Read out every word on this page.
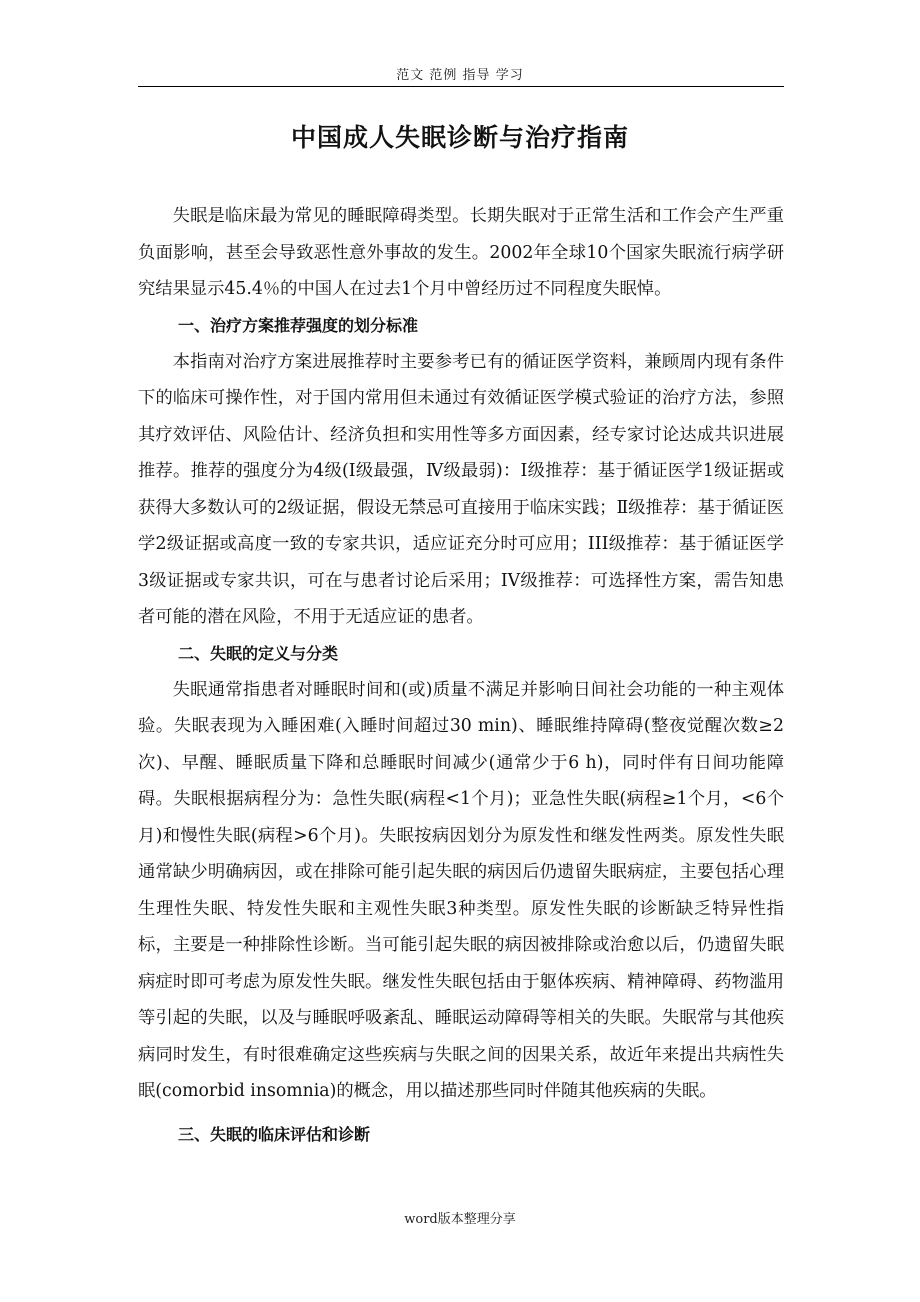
范文 范例 指导 学习
中国成人失眠诊断与治疗指南

失眠是临床最为常见的睡眠障碍类型。长期失眠对于正常生活和工作会产生严重负面影响，甚至会导致恶性意外事故的发生。2002年全球10个国家失眠流行病学研究结果显示45.4％的中国人在过去1个月中曾经历过不同程度失眠悼。

一、治疗方案推荐强度的划分标准

本指南对治疗方案进展推荐时主要参考已有的循证医学资料，兼顾周内现有条件下的临床可操作性，对于国内常用但未通过有效循证医学模式验证的治疗方法，参照其疗效评估、风险估计、经济负担和实用性等多方面因素，经专家讨论达成共识进展推荐。推荐的强度分为4级(I级最强，Ⅳ级最弱)：I级推荐：基于循证医学1级证据或获得大多数认可的2级证据，假设无禁忌可直接用于临床实践；Ⅱ级推荐：基于循证医学2级证据或高度一致的专家共识，适应证充分时可应用；III级推荐：基于循证医学3级证据或专家共识，可在与患者讨论后采用；IV级推荐：可选择性方案，需告知患者可能的潜在风险，不用于无适应证的患者。

二、失眠的定义与分类

失眠通常指患者对睡眠时间和(或)质量不满足并影响日间社会功能的一种主观体验。失眠表现为入睡困难(入睡时间超过30 min)、睡眠维持障碍(整夜觉醒次数≥2次)、早醒、睡眠质量下降和总睡眠时间减少(通常少于6 h)，同时伴有日间功能障碍。失眠根据病程分为：急性失眠(病程<1个月)；亚急性失眠(病程≥1个月，<6个月)和慢性失眠(病程>6个月)。失眠按病因划分为原发性和继发性两类。原发性失眠通常缺少明确病因，或在排除可能引起失眠的病因后仍遗留失眠病症，主要包括心理生理性失眠、特发性失眠和主观性失眠3种类型。原发性失眠的诊断缺乏特异性指标，主要是一种排除性诊断。当可能引起失眠的病因被排除或治愈以后，仍遗留失眠病症时即可考虑为原发性失眠。继发性失眠包括由于躯体疾病、精神障碍、药物滥用等引起的失眠，以及与睡眠呼吸紊乱、睡眠运动障碍等相关的失眠。失眠常与其他疾病同时发生，有时很难确定这些疾病与失眠之间的因果关系，故近年来提出共病性失眠(comorbid insomnia)的概念，用以描述那些同时伴随其他疾病的失眠。

三、失眠的临床评估和诊断

word版本整理分享
